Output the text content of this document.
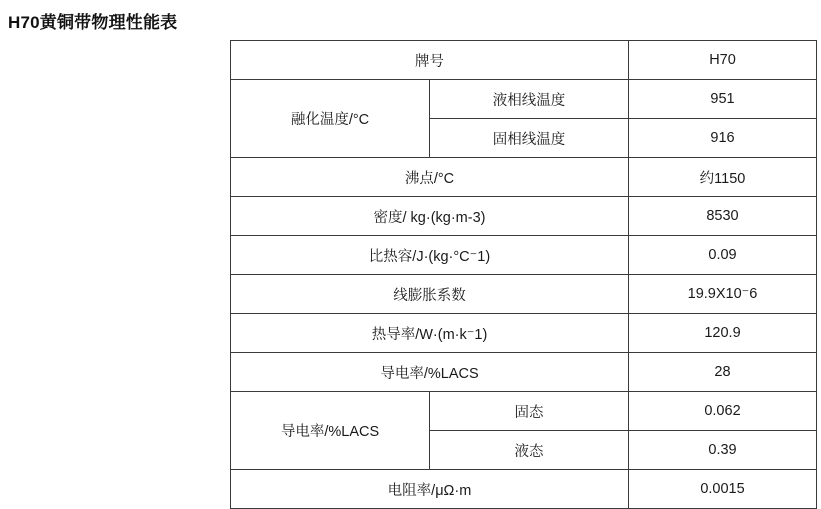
H70黄铜带物理性能表
牌号		H70
融化温度/°C	液相线温度	951
	固相线温度	916
沸点/°C		约1150
密度/ kg·(kg·m-3)		8530
比热容/J·(kg·°C⁻1)		0.09
线膨胀系数		19.9X10⁻6
热导率/W·(m·k⁻1)		120.9
导电率/%LACS		28
导电率/%LACS	固态	0.062
	液态	0.39
电阻率/μΩ·m		0.0015
